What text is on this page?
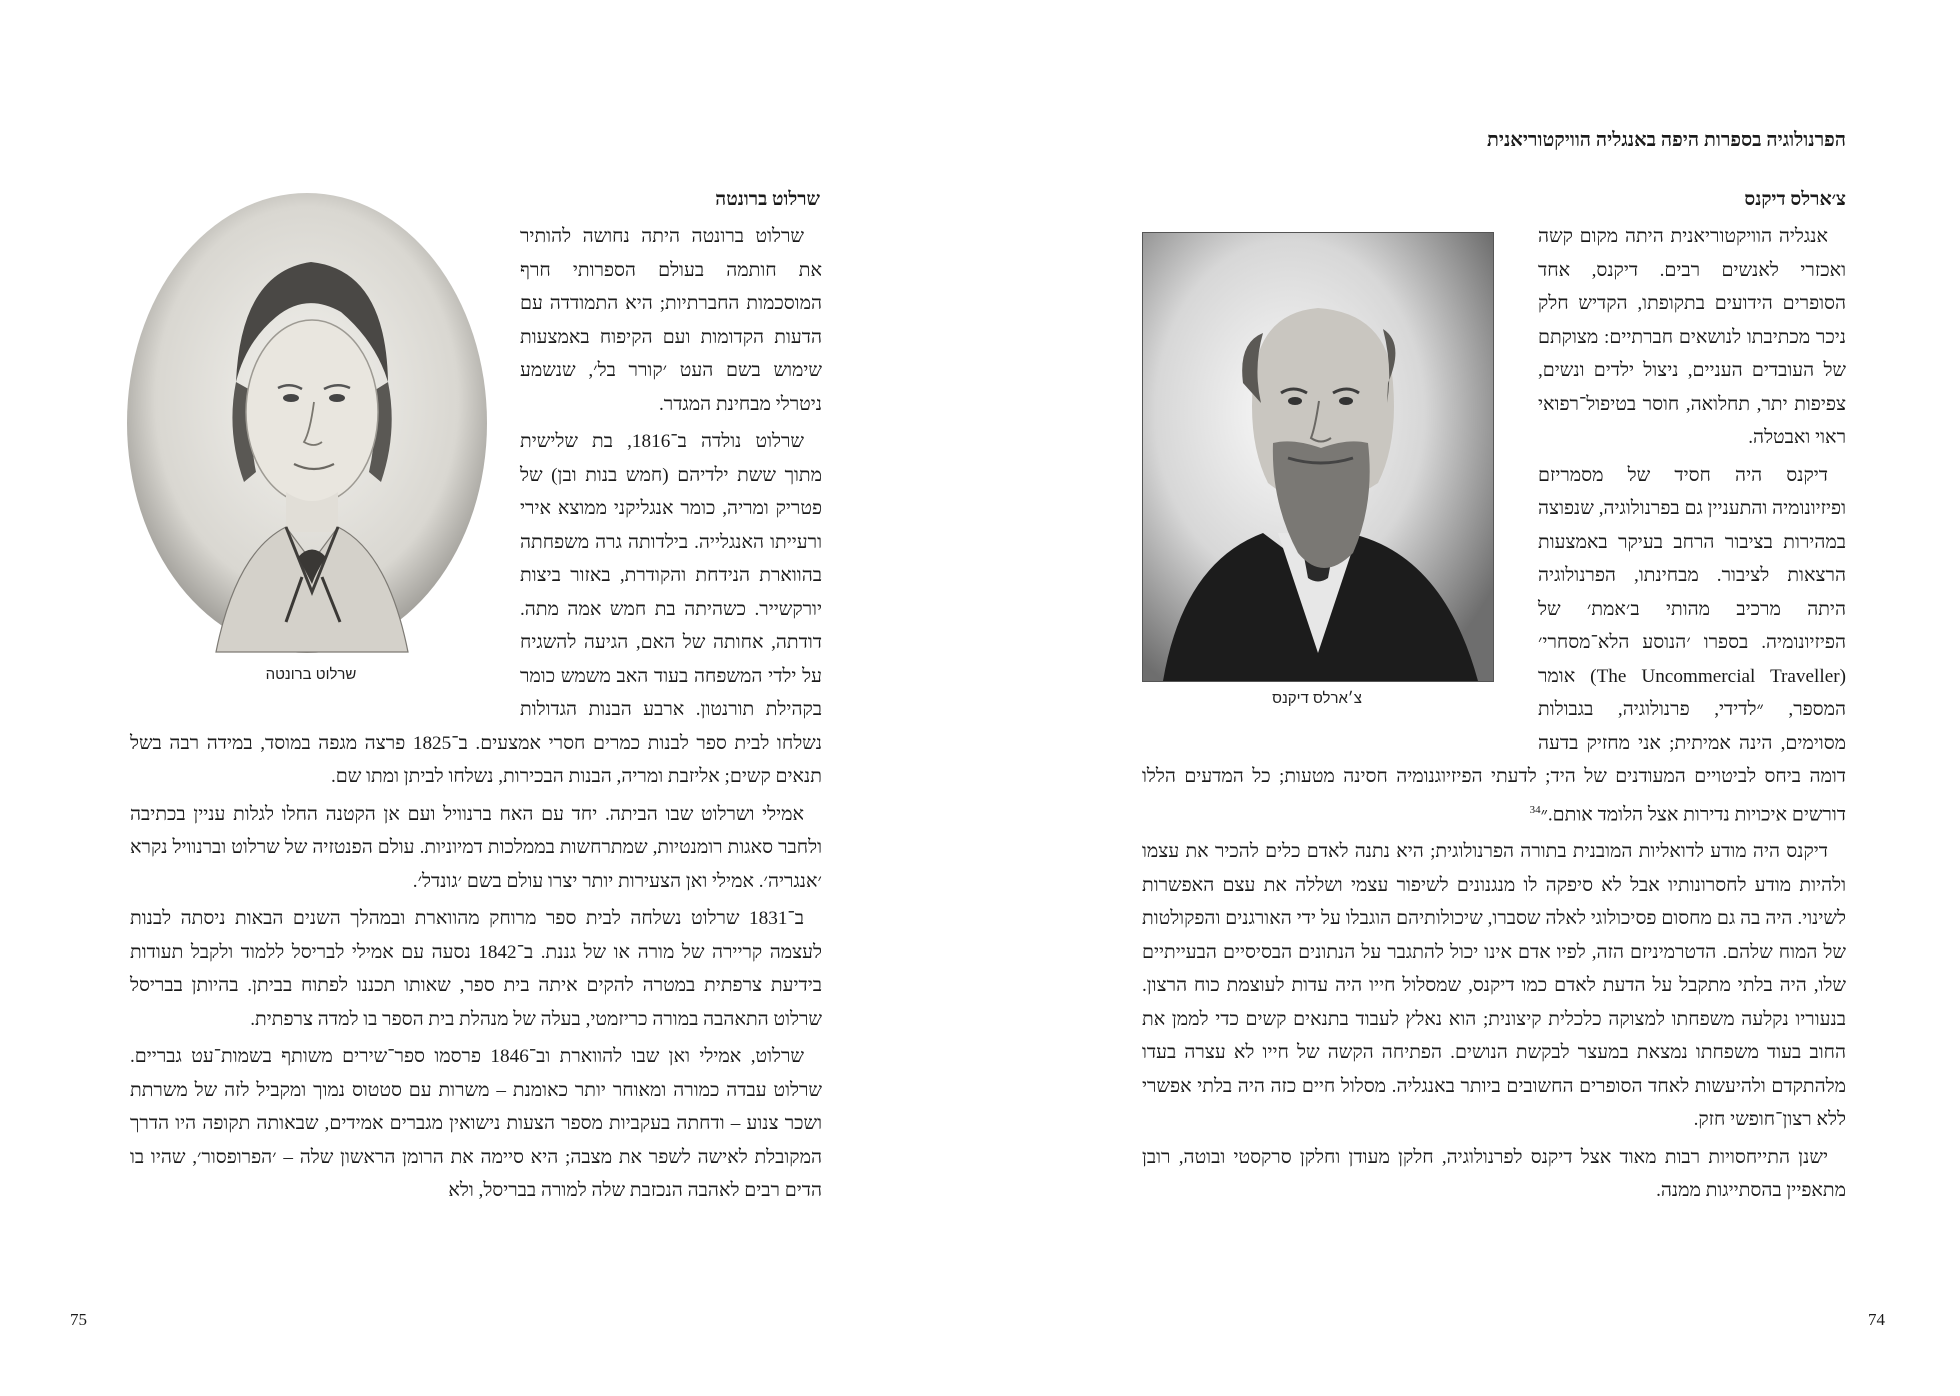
שרלוט ברונטה
שרלוט ברונטה

שרלוט ברונטה היתה נחושה להותיר את חותמה בעולם הספרותי חרף המוסכמות החברתיות; היא התמודדה עם הדעות הקדומות ועם הקיפוח באמצעות שימוש בשם העט ׳קורר בל׳, שנשמע ניטרלי מבחינת המגדר.

שרלוט נולדה ב־1816, בת שלישית מתוך ששת ילדיהם (חמש בנות ובן) של פטריק ומריה, כומר אנגליקני ממוצא אירי ורעייתו האנגלייה. בילדותה גרה משפחתה בהווארת הנידחת והקודרת, באזור ביצות יורקשייר. כשהיתה בת חמש אמה מתה. דודתה, אחותה של האם, הגיעה להשגיח על ילדי המשפחה בעוד האב משמש כומר בקהילת תורנטון. ארבע הבנות הגדולות נשלחו לבית ספר לבנות כמרים חסרי אמצעים. ב־1825 פרצה מגפה במוסד, במידה רבה בשל תנאים קשים; אליזבת ומריה, הבנות הבכירות, נשלחו לביתן ומתו שם.

אמילי ושרלוט שבו הביתה. יחד עם האח ברנוויל ועם אן הקטנה החלו לגלות עניין בכתיבה ולחבר סאגות רומנטיות, שמתרחשות בממלכות דמיוניות. עולם הפנטזיה של שרלוט וברנוויל נקרא ׳אנגריה׳. אמילי ואן הצעירות יותר יצרו עולם בשם ׳גונדל׳.

ב־1831 שרלוט נשלחה לבית ספר מרוחק מהווארת ובמהלך השנים הבאות ניסתה לבנות לעצמה קריירה של מורה או של גננת. ב־1842 נסעה עם אמילי לבריסל ללמוד ולקבל תעודות בידיעת צרפתית במטרה להקים איתה בית ספר, שאותו תכננו לפתוח בביתן. בהיותן בבריסל שרלוט התאהבה במורה כריזמטי, בעלה של מנהלת בית הספר בו למדה צרפתית.

שרלוט, אמילי ואן שבו להווארת וב־1846 פרסמו ספר־שירים משותף בשמות־עט גבריים. שרלוט עבדה כמורה ומאוחר יותר כאומנת – משרות עם סטטוס נמוך ומקביל לזה של משרתת ושכר צנוע – ודחתה בעקביות מספר הצעות נישואין מגברים אמידים, שבאותה תקופה היו הדרך המקובלת לאישה לשפר את מצבה; היא סיימה את הרומן הראשון שלה – ׳הפרופסור׳, שהיו בו הדים רבים לאהבה הנכזבת שלה למורה בבריסל, ולא

75
הפרנולוגיה בספרות היפה באנגליה הוויקטוריאנית
צ׳ארלס דיקנס
צ׳ארלס דיקנס

אנגליה הוויקטוריאנית היתה מקום קשה ואכזרי לאנשים רבים. דיקנס, אחד הסופרים הידועים בתקופתו, הקדיש חלק ניכר מכתיבתו לנושאים חברתיים: מצוקתם של העובדים העניים, ניצול ילדים ונשים, צפיפות יתר, תחלואה, חוסר בטיפול־רפואי ראוי ואבטלה.

דיקנס היה חסיד של מסמריזם ופיזיונומיה והתעניין גם בפרנולוגיה, שנפוצה במהירות בציבור הרחב בעיקר באמצעות הרצאות לציבור. מבחינתו, הפרנולוגיה היתה מרכיב מהותי ב׳אמת׳ של הפיזיונומיה. בספרו ׳הנוסע הלא־מסחרי׳ (The Uncommercial Traveller) אומר המספר, ״לדידי, פרנולוגיה, בגבולות מסוימים, הינה אמיתית; אני מחזיק בדעה דומה ביחס לביטויים המעודנים של היד; לדעתי הפיזיוגנומיה חסינה מטעות; כל המדעים הללו דורשים איכויות נדירות אצל הלומד אותם.״$^{34}$

דיקנס היה מודע לדואליות המובנית בתורה הפרנולוגית; היא נתנה לאדם כלים להכיר את עצמו ולהיות מודע לחסרונותיו אבל לא סיפקה לו מנגנונים לשיפור עצמי ושללה את עצם האפשרות לשינוי. היה בה גם מחסום פסיכולוגי לאלה שסברו, שיכולותיהם הוגבלו על ידי האורגנים והפקולטות של המוח שלהם. הדטרמיניזם הזה, לפיו אדם אינו יכול להתגבר על הנתונים הבסיסיים הבעייתיים שלו, היה בלתי מתקבל על הדעת לאדם כמו דיקנס, שמסלול חייו היה עדות לעוצמת כוח הרצון. בנעוריו נקלעה משפחתו למצוקה כלכלית קיצונית; הוא נאלץ לעבוד בתנאים קשים כדי לממן את החוב בעוד משפחתו נמצאת במעצר לבקשת הנושים. הפתיחה הקשה של חייו לא עצרה בעדו מלהתקדם ולהיעשות לאחד הסופרים החשובים ביותר באנגליה. מסלול חיים כזה היה בלתי אפשרי ללא רצון־חופשי חזק.

ישנן התייחסויות רבות מאוד אצל דיקנס לפרנולוגיה, חלקן מעודן וחלקן סרקסטי ובוטה, רובן מתאפיין בהסתייגות ממנה.

74
